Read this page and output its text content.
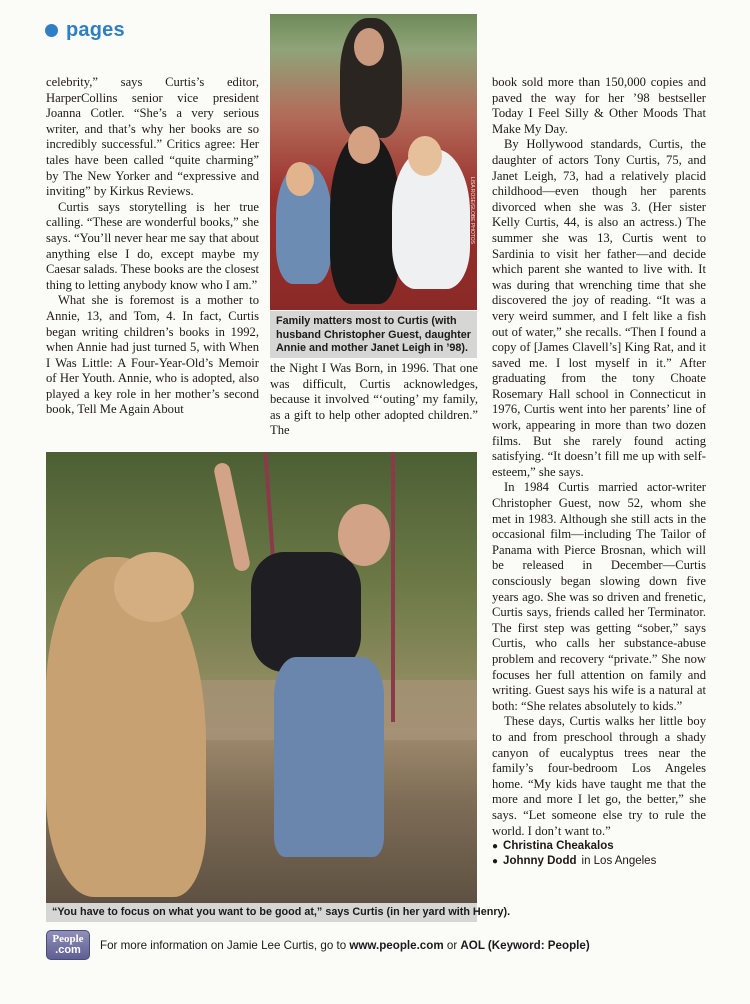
pages

celebrity,” says Curtis’s editor, HarperCollins senior vice president Joanna Cotler. “She’s a very serious writer, and that’s why her books are so incredibly successful.” Critics agree: Her tales have been called “quite charming” by The New Yorker and “expressive and inviting” by Kirkus Reviews.

Curtis says storytelling is her true calling. “These are wonderful books,” she says. “You’ll never hear me say that about anything else I do, except maybe my Caesar salads. These books are the closest thing to letting anybody know who I am.”

What she is foremost is a mother to Annie, 13, and Tom, 4. In fact, Curtis began writing children’s books in 1992, when Annie had just turned 5, with When I Was Little: A Four-Year-Old’s Memoir of Her Youth. Annie, who is adopted, also played a key role in her mother’s second book, Tell Me Again About

LISA ROSE/GLOBE PHOTOS
Family matters most to Curtis (with husband Christopher Guest, daughter Annie and mother Janet Leigh in ’98).

the Night I Was Born, in 1996. That one was difficult, Curtis acknowledges, because it involved “‘outing’ my family, as a gift to help other adopted children.” The

book sold more than 150,000 copies and paved the way for her ’98 bestseller Today I Feel Silly & Other Moods That Make My Day.

By Hollywood standards, Curtis, the daughter of actors Tony Curtis, 75, and Janet Leigh, 73, had a relatively placid childhood—even though her parents divorced when she was 3. (Her sister Kelly Curtis, 44, is also an actress.) The summer she was 13, Curtis went to Sardinia to visit her father—and decide which parent she wanted to live with. It was during that wrenching time that she discovered the joy of reading. “It was a very weird summer, and I felt like a fish out of water,” she recalls. “Then I found a copy of [James Clavell’s] King Rat, and it saved me. I lost myself in it.” After graduating from the tony Choate Rosemary Hall school in Connecticut in 1976, Curtis went into her parents’ line of work, appearing in more than two dozen films. But she rarely found acting satisfying. “It doesn’t fill me up with self-esteem,” she says.

In 1984 Curtis married actor-writer Christopher Guest, now 52, whom she met in 1983. Although she still acts in the occasional film—including The Tailor of Panama with Pierce Brosnan, which will be released in December—Curtis consciously began slowing down five years ago. She was so driven and frenetic, Curtis says, friends called her Terminator. The first step was getting “sober,” says Curtis, who calls her substance-abuse problem and recovery “private.” She now focuses her full attention on family and writing. Guest says his wife is a natural at both: “She relates absolutely to kids.”

These days, Curtis walks her little boy to and from preschool through a shady canyon of eucalyptus trees near the family’s four-bedroom Los Angeles home. “My kids have taught me that the more and more I let go, the better,” she says. “Let someone else try to rule the world. I don’t want to.”

● Christina Cheakalos
● Johnny Dodd in Los Angeles
“You have to focus on what you want to be good at,” says Curtis (in her yard with Henry).
People
.com For more information on Jamie Lee Curtis, go to www.people.com or AOL (Keyword: People)
